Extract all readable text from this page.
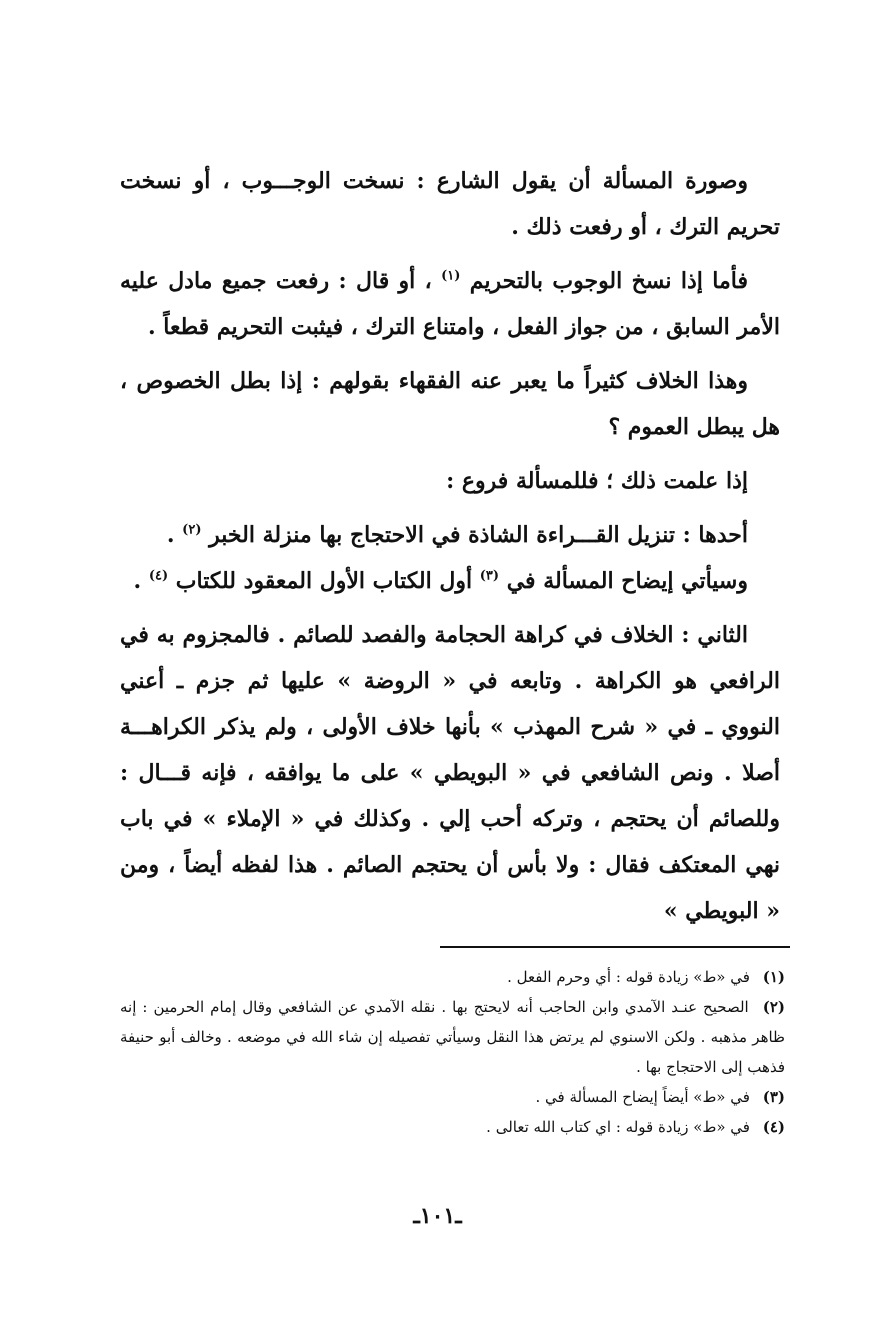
وصورة المسألة أن يقول الشارع : نسخت الوجـــوب ، أو نسخت تحريم الترك ، أو رفعت ذلك .

فأما إذا نسخ الوجوب بالتحريم $^{(١)}$ ، أو قال : رفعت جميع مادل عليه الأمر السابق ، من جواز الفعل ، وامتناع الترك ، فيثبت التحريم قطعاً .

وهذا الخلاف كثيراً ما يعبر عنه الفقهاء بقولهم : إذا بطل الخصوص ، هل يبطل العموم ؟

إذا علمت ذلك ؛ فللمسألة فروع :

أحدها : تنزيل القـــراءة الشاذة في الاحتجاج بها منزلة الخبر $^{(٢)}$ .

وسيأتي إيضاح المسألة في $^{(٣)}$ أول الكتاب الأول المعقود للكتاب $^{(٤)}$ .

الثاني : الخلاف في كراهة الحجامة والفصد للصائم . فالمجزوم به في الرافعي هو الكراهة . وتابعه في « الروضة » عليها ثم جزم ـ أعني النووي ـ في « شرح المهذب » بأنها خلاف الأولى ، ولم يذكر الكراهـــة أصلا . ونص الشافعي في « البويطي » على ما يوافقه ، فإنه قـــال : وللصائم أن يحتجم ، وتركه أحب إلي . وكذلك في « الإملاء » في باب نهي المعتكف فقال : ولا بأس أن يحتجم الصائم . هذا لفظه أيضاً ، ومن « البويطي »

(١) في «ط» زيادة قوله : أي وحرم الفعل .

(٢) الصحيح عنـد الآمدي وابن الحاجب أنه لايحتج بها . نقله الآمدي عن الشافعي وقال إمام الحرمين : إنه ظاهر مذهبه . ولكن الاسنوي لم يرتض هذا النقل وسيأتي تفصيله إن شاء الله في موضعه . وخالف أبو حنيفة فذهب إلى الاحتجاج بها .

(٣) في «ط» أيضاً إيضاح المسألة في .

(٤) في «ط» زيادة قوله : اي كتاب الله تعالى .

ـ١٠١ـ
